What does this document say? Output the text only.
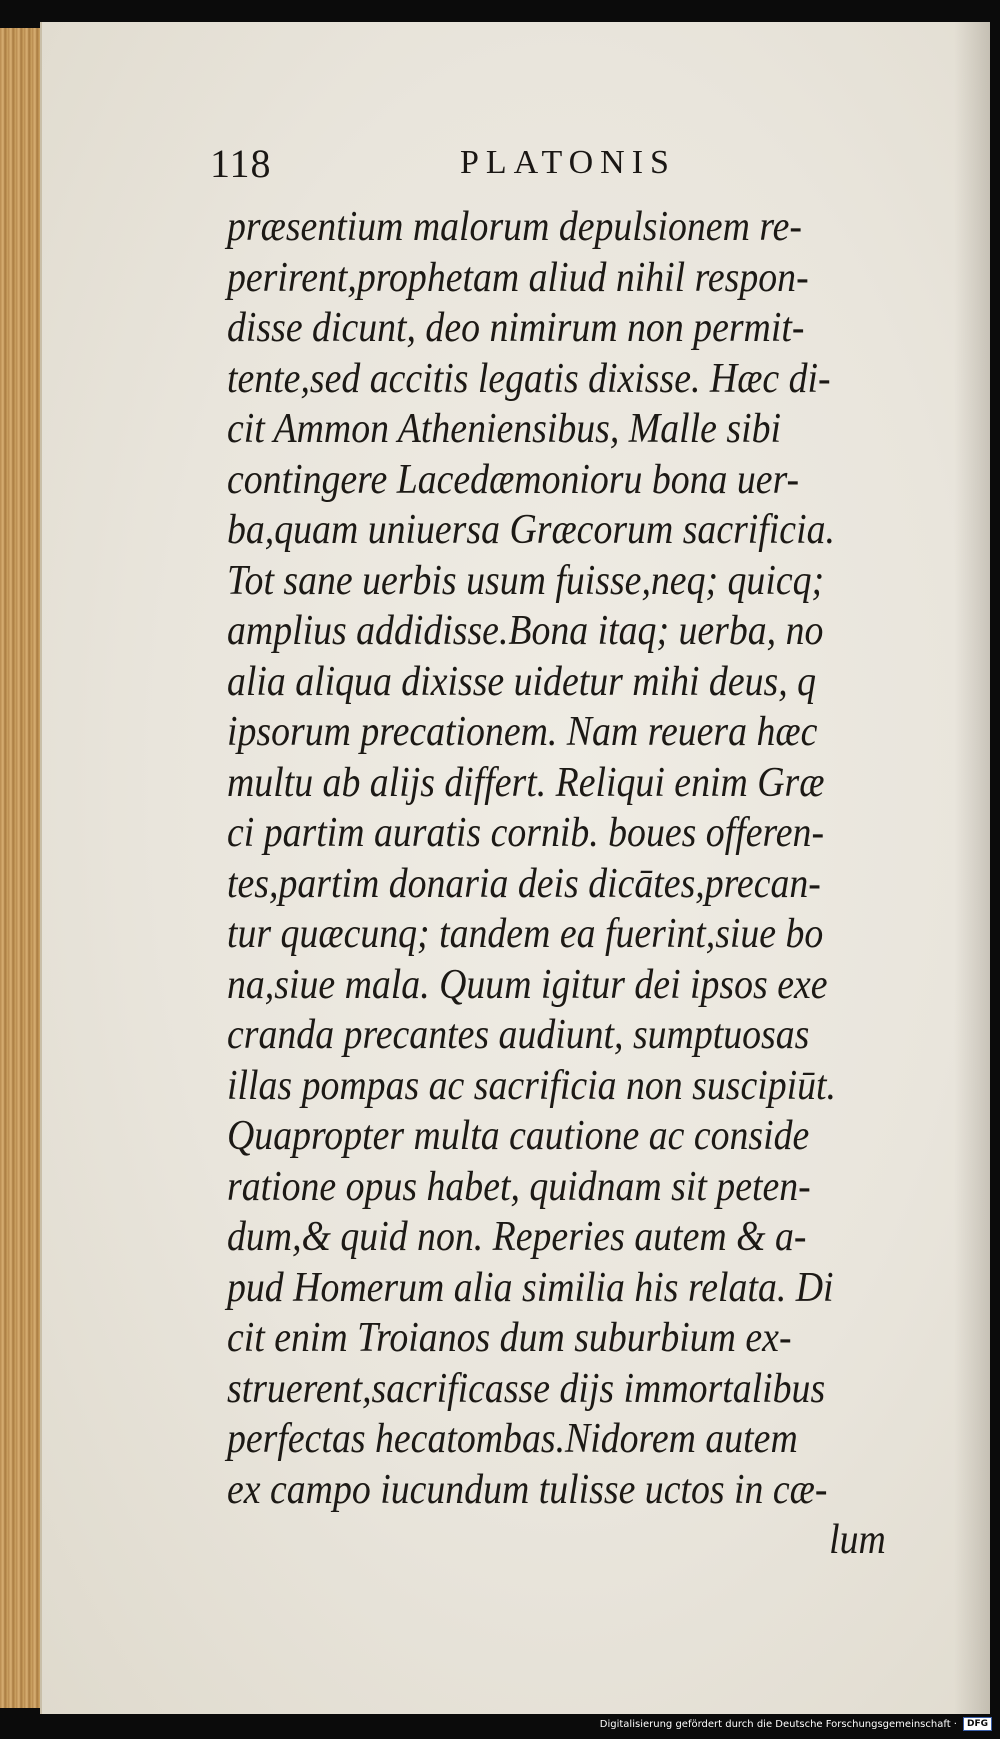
118	PLATONIS
præsentium malorum depulsionem re-
perirent,prophetam aliud nihil respon-
disse dicunt, deo nimirum non permit-
tente,sed accitis legatis dixisse. Hæc di-
cit Ammon Atheniensibus, Malle sibi
contingere Lacedæmonioru bona uer-
ba,quam uniuersa Græcorum sacrificia.
Tot sane uerbis usum fuisse,neq; quicq;
amplius addidisse.Bona itaq; uerba, no
alia aliqua dixisse uidetur mihi deus, q
ipsorum precationem. Nam reuera hæc
multu ab alijs differt. Reliqui enim Græ
ci partim auratis cornib. boues offeren-
tes,partim donaria deis dicātes,precan-
tur quæcunq; tandem ea fuerint,siue bo
na,siue mala. Quum igitur dei ipsos exe
cranda precantes audiunt, sumptuosas
illas pompas ac sacrificia non suscipiūt.
Quapropter multa cautione ac conside
ratione opus habet, quidnam sit peten-
dum,& quid non. Reperies autem & a-
pud Homerum alia similia his relata. Di
cit enim Troianos dum suburbium ex-
struerent,sacrificasse dijs immortalibus
perfectas hecatombas.Nidorem autem
ex campo iucundum tulisse uctos in cæ-
lum
Digitalisierung gefördert durch die Deutsche Forschungsgemeinschaft ·	DFG
